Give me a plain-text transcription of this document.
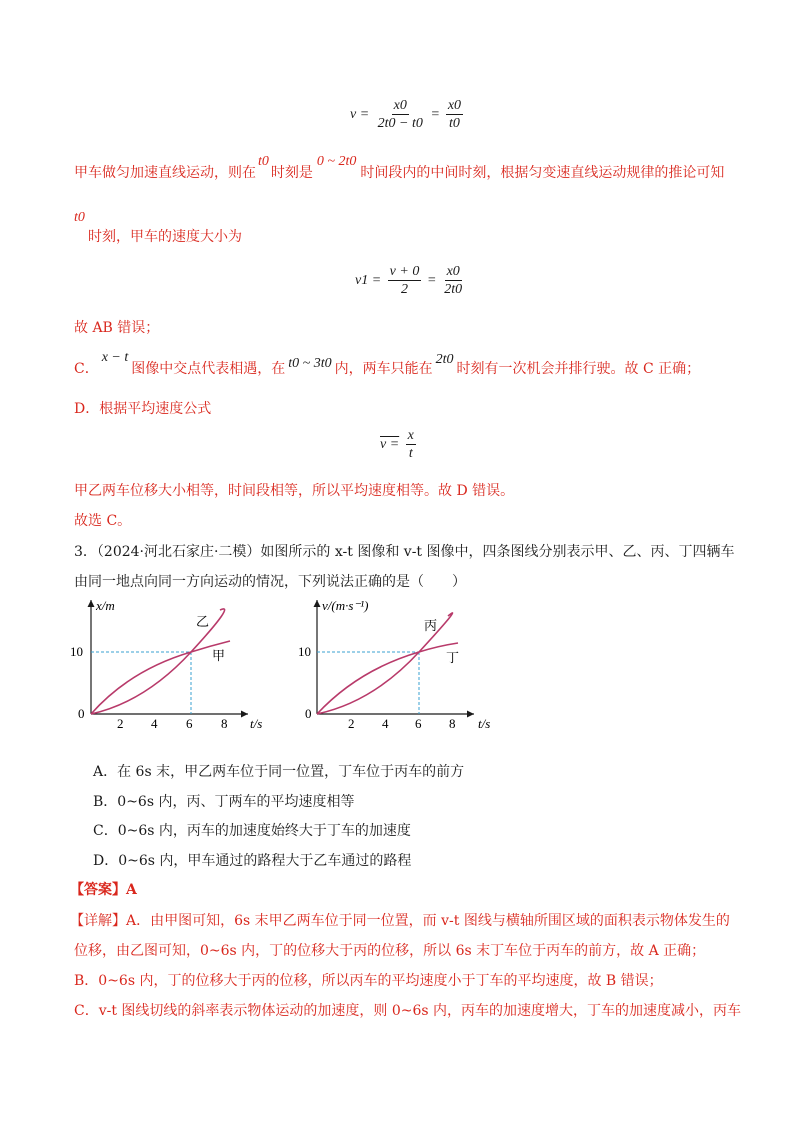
$v = \frac{x0}{2t0 - t0} = \frac{x0}{t0}$
甲车做匀加速直线运动，则在t0时刻是0 ~ 2t0时间段内的中间时刻，根据匀变速直线运动规律的推论可知
t0
时刻，甲车的速度大小为
$v1 = \frac{v + 0}{2} = \frac{x0}{2t0}$
故 AB 错误；
C．x − t图像中交点代表相遇，在 t0 ~ 3t0 内，两车只能在2t0时刻有一次机会并排行驶。故 C 正确；
D．根据平均速度公式
$v = \frac{x}{t}$
甲乙两车位移大小相等，时间段相等，所以平均速度相等。故 D 错误。
故选 C。
3．（2024·河北石家庄·二模）如图所示的 x-t 图像和 v-t 图像中，四条图线分别表示甲、乙、丙、丁四辆车
由同一地点向同一方向运动的情况，下列说法正确的是（　　）
x/m
10
0
2 4 6 8 t/s
乙
甲
v/(m·s⁻¹)
10
0
2 4 6 8 t/s
丙
丁
A．在 6s 末，甲乙两车位于同一位置，丁车位于丙车的前方
B．0~6s 内，丙、丁两车的平均速度相等
C．0~6s 内，丙车的加速度始终大于丁车的加速度
D．0~6s 内，甲车通过的路程大于乙车通过的路程
【答案】A
【详解】A．由甲图可知，6s 末甲乙两车位于同一位置，而 v-t 图线与横轴所围区域的面积表示物体发生的
位移，由乙图可知，0~6s 内，丁的位移大于丙的位移，所以 6s 末丁车位于丙车的前方，故 A 正确；
B．0~6s 内，丁的位移大于丙的位移，所以丙车的平均速度小于丁车的平均速度，故 B 错误；
C．v-t 图线切线的斜率表示物体运动的加速度，则 0~6s 内，丙车的加速度增大，丁车的加速度减小，丙车
